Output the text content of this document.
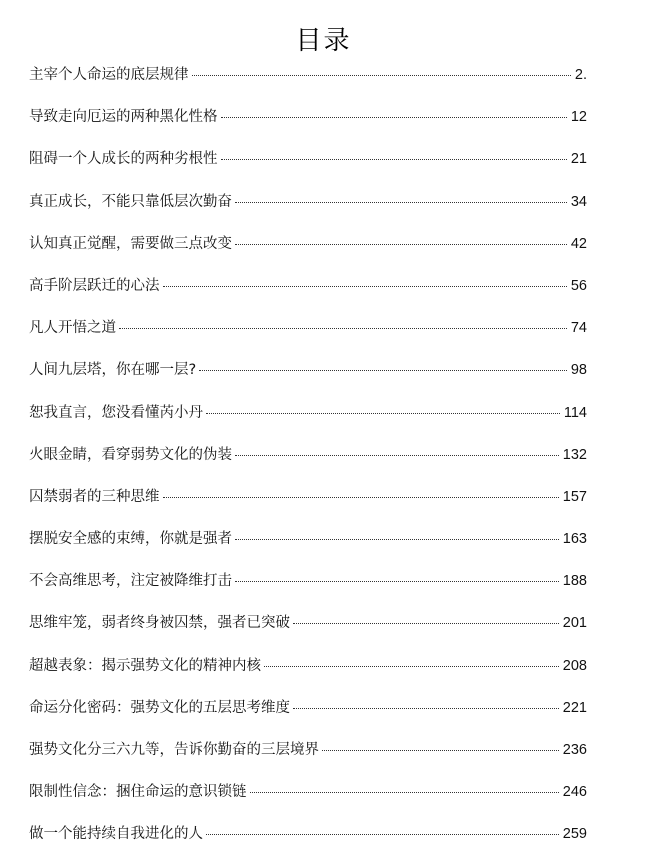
目录
主宰个人命运的底层规律	2.
导致走向厄运的两种黑化性格	12
阻碍一个人成长的两种劣根性	21
真正成长，不能只靠低层次勤奋	34
认知真正觉醒，需要做三点改变	42
高手阶层跃迁的心法	56
凡人开悟之道	74
人间九层塔，你在哪一层?	98
恕我直言，您没看懂芮小丹	114
火眼金睛，看穿弱势文化的伪装	132
囚禁弱者的三种思维	157
摆脱安全感的束缚，你就是强者	163
不会高维思考，注定被降维打击	188
思维牢笼，弱者终身被囚禁，强者已突破	201
超越表象：揭示强势文化的精神内核	208
命运分化密码：强势文化的五层思考维度	221
强势文化分三六九等，告诉你勤奋的三层境界	236
限制性信念：捆住命运的意识锁链	246
做一个能持续自我进化的人	259
